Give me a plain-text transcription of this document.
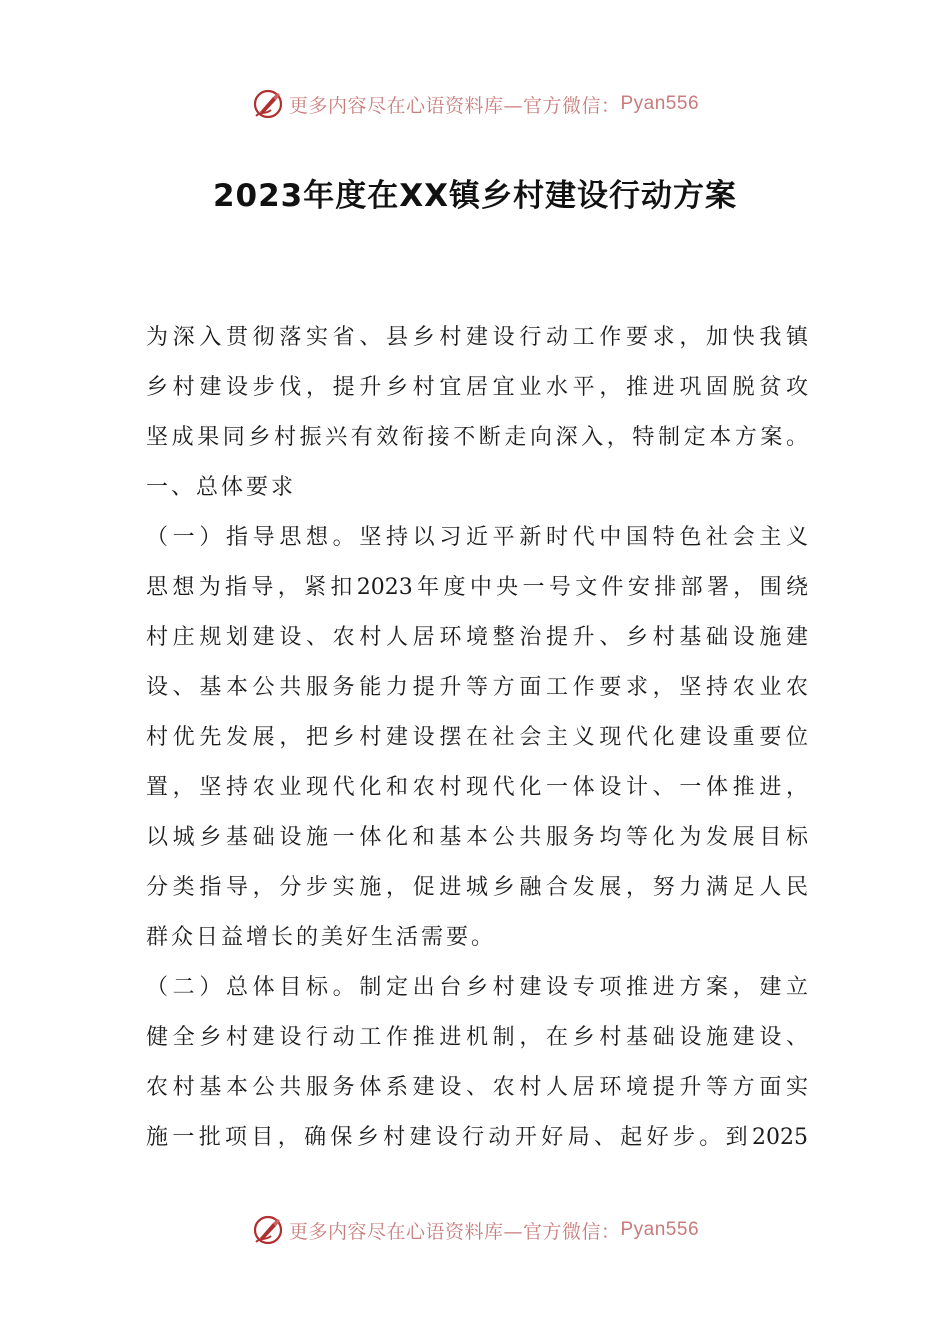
更多内容尽在心语资料库—官方微信： Pyan556
2023年度在XX镇乡村建设行动方案
为深入贯彻落实省、县乡村建设行动工作要求，加快我镇
乡村建设步伐，提升乡村宜居宜业水平，推进巩固脱贫攻
坚成果同乡村振兴有效衔接不断走向深入，特制定本方案。
一、总体要求
（一）指导思想。坚持以习近平新时代中国特色社会主义
思想为指导，紧扣2023年度中央一号文件安排部署，围绕
村庄规划建设、农村人居环境整治提升、乡村基础设施建
设、基本公共服务能力提升等方面工作要求，坚持农业农
村优先发展，把乡村建设摆在社会主义现代化建设重要位
置，坚持农业现代化和农村现代化一体设计、一体推进，
以城乡基础设施一体化和基本公共服务均等化为发展目标
分类指导，分步实施，促进城乡融合发展，努力满足人民
群众日益增长的美好生活需要。
（二）总体目标。制定出台乡村建设专项推进方案，建立
健全乡村建设行动工作推进机制，在乡村基础设施建设、
农村基本公共服务体系建设、农村人居环境提升等方面实
施一批项目，确保乡村建设行动开好局、起好步。到2025
更多内容尽在心语资料库—官方微信： Pyan556
